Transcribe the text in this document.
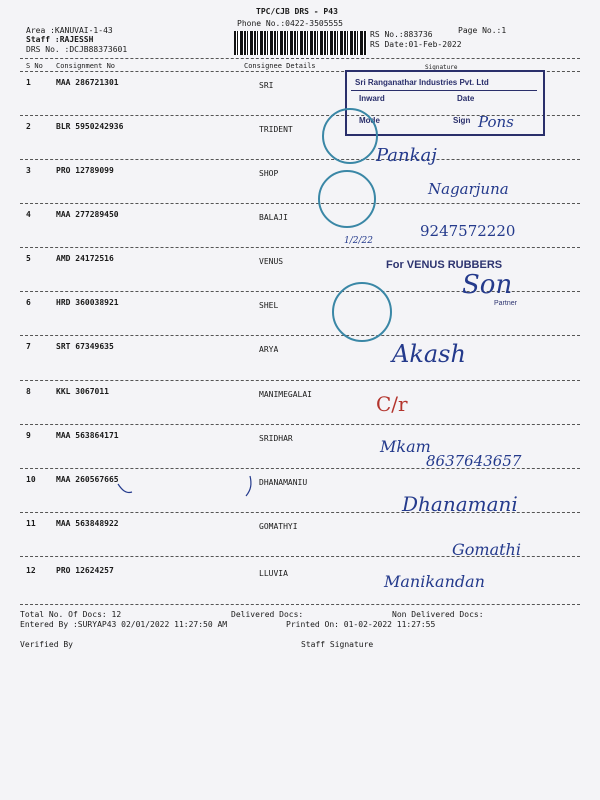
TPC/CJB DRS - P43
Phone No.:0422-3505555
Area :KANUVAI-1-43
Staff :RAJESSH
DRS No. :DCJB88373601
Page No.:1
RS No.:883736
RS Date:01-Feb-2022
S No Consignment No	Consignee Details	Signature
1	MAA 286721301	SRI
2	BLR 5950242936	TRIDENT
3	PRO 12789099	SHOP
4	MAA 277289450	BALAJI
5	AMD 24172516	VENUS
6	HRD 360038921	SHEL
7	SRT 67349635	ARYA
8	KKL 3067011	MANIMEGALAI
9	MAA 563864171	SRIDHAR
10	MAA 260567665	DHANAMANIU
11	MAA 563848922	GOMATHYI
12	PRO 12624257	LLUVIA
Total No. Of Docs: 12	Delivered Docs:	Non Delivered Docs:
Entered By :SURYAP43 02/01/2022 11:27:50 AM	Printed On: 01-02-2022 11:27:55
Verified By	Staff Signature
Sri Ranganathar Industries Pvt. Ltd
Inward	Date
Mode	Sign
For VENUS RUBBERS
Partner
Pons
Pankaj
Nagarjuna
9247572220
1/2/22
Son
Akash
C/r
Mkam
8637643657
Dhanamani
Gomathi
Manikandan
